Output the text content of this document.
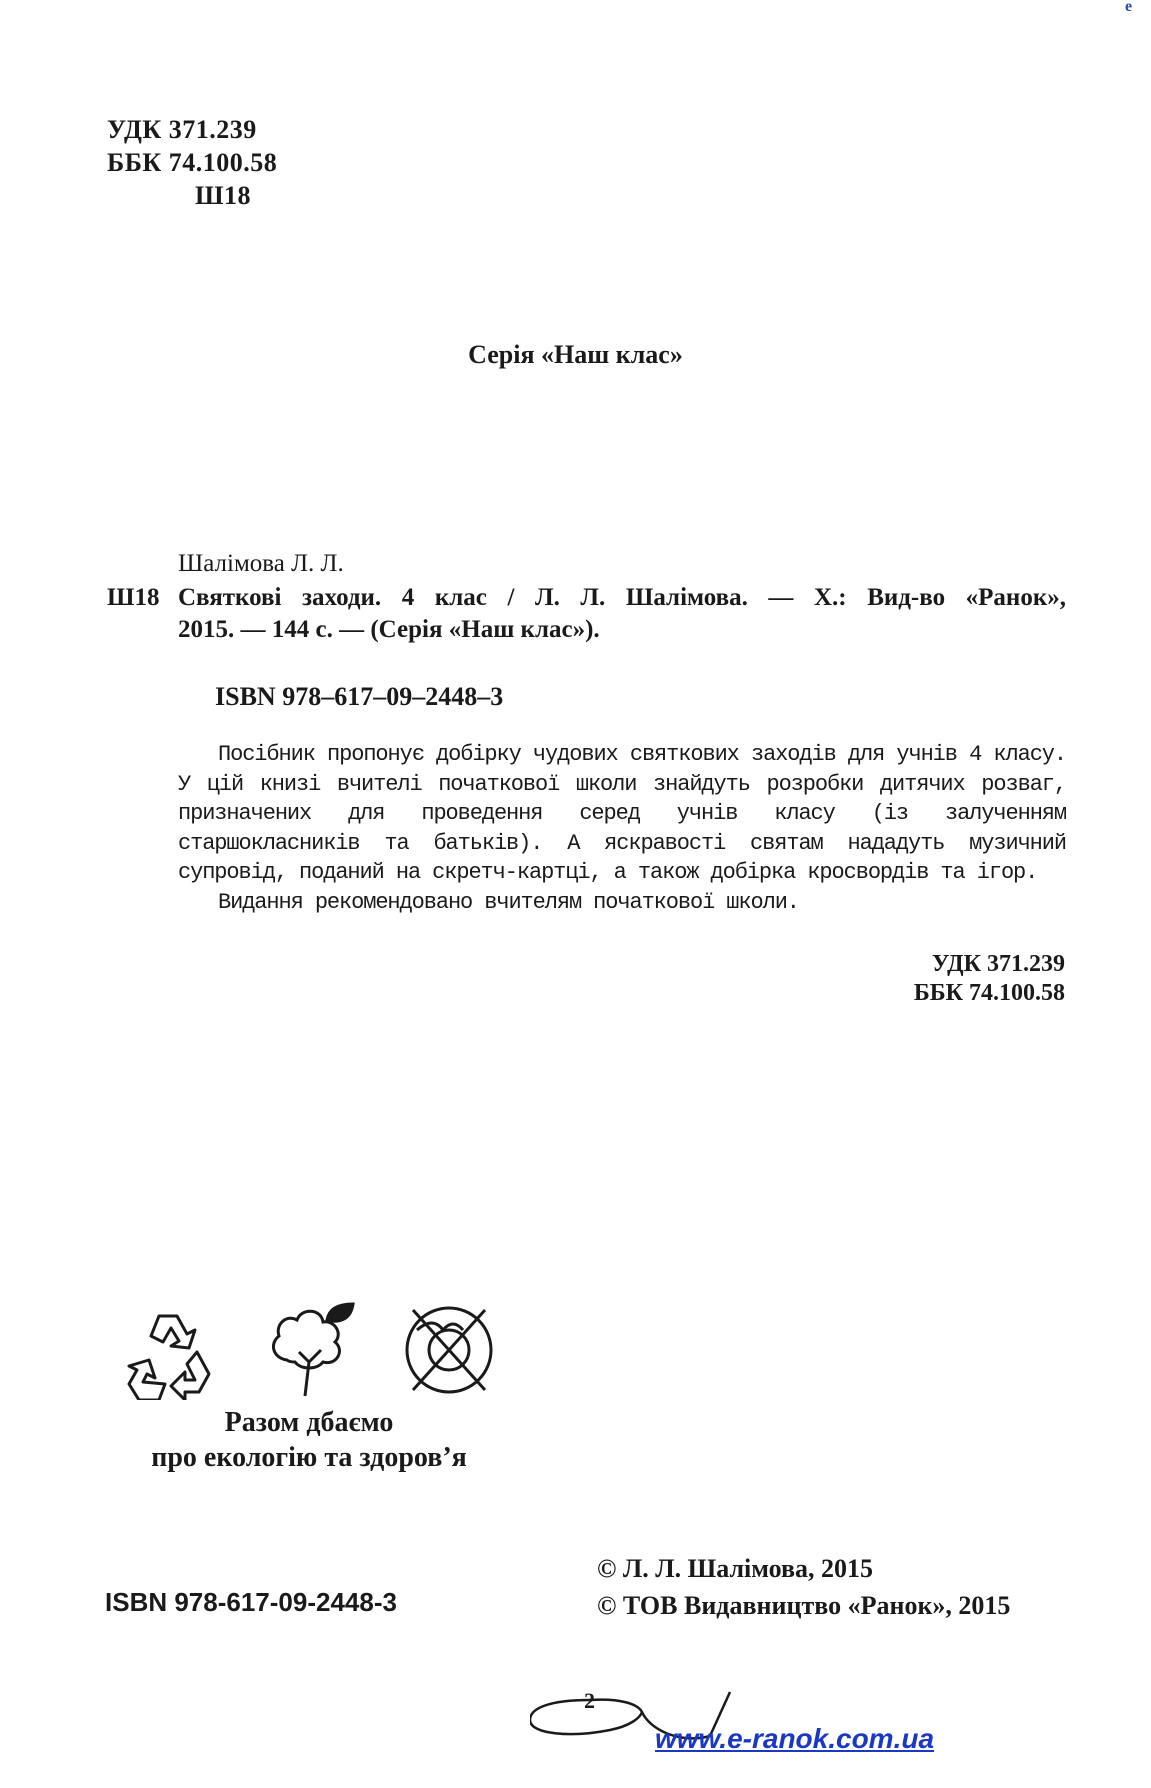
e
УДК 371.239
ББК 74.100.58
Ш18
Серія «Наш клас»
Шалімова Л. Л.
Ш18 Святкові заходи. 4 клас / Л. Л. Шалімова. — Х.: Вид-во «Ранок»,
2015. — 144 с. — (Серія «Наш клас»).
ISBN 978–617–09–2448–3

Посібник пропонує добірку чудових святкових заходів для учнів 4 класу. У цій книзі вчителі початкової школи знайдуть розробки дитячих розваг, призначених для проведення серед учнів класу (із залученням старшокласників та батьків). А яскравості святам нададуть музичний супровід, поданий на скретч-картці, а також добірка кросвордів та ігор.

Видання рекомендовано вчителям початкової школи.

УДК 371.239
ББК 74.100.58
Разом дбаємо
про екологію та здоров’я
ISBN 978-617-09-2448-3
© Л. Л. Шалімова, 2015
© ТОВ Видавництво «Ранок», 2015
2
www.e-ranok.com.ua
